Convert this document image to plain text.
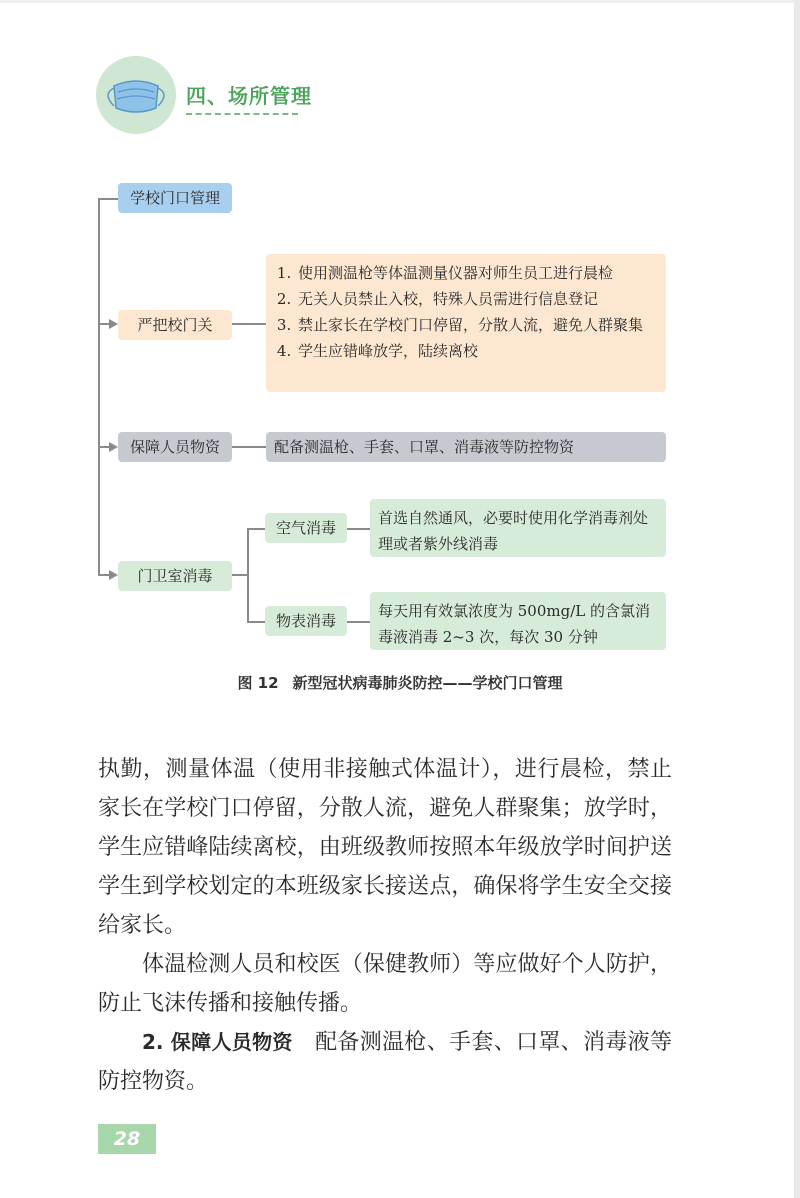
四、场所管理
学校门口管理
严把校门关
1. 使用测温枪等体温测量仪器对师生员工进行晨检
2. 无关人员禁止入校，特殊人员需进行信息登记
3. 禁止家长在学校门口停留，分散人流，避免人群聚集
4. 学生应错峰放学，陆续离校
保障人员物资	配备测温枪、手套、口罩、消毒液等防控物资
门卫室消毒
空气消毒
首选自然通风，必要时使用化学消毒剂处理或者紫外线消毒
物表消毒
每天用有效氯浓度为 500mg/L 的含氯消毒液消毒 2~3 次，每次 30 分钟
图 12 新型冠状病毒肺炎防控——学校门口管理

执勤，测量体温（使用非接触式体温计），进行晨检，禁止家长在学校门口停留，分散人流，避免人群聚集；放学时，学生应错峰陆续离校，由班级教师按照本年级放学时间护送学生到学校划定的本班级家长接送点，确保将学生安全交接给家长。

体温检测人员和校医（保健教师）等应做好个人防护，防止飞沫传播和接触传播。

2. 保障人员物资　 配备测温枪、手套、口罩、消毒液等防控物资。

28
